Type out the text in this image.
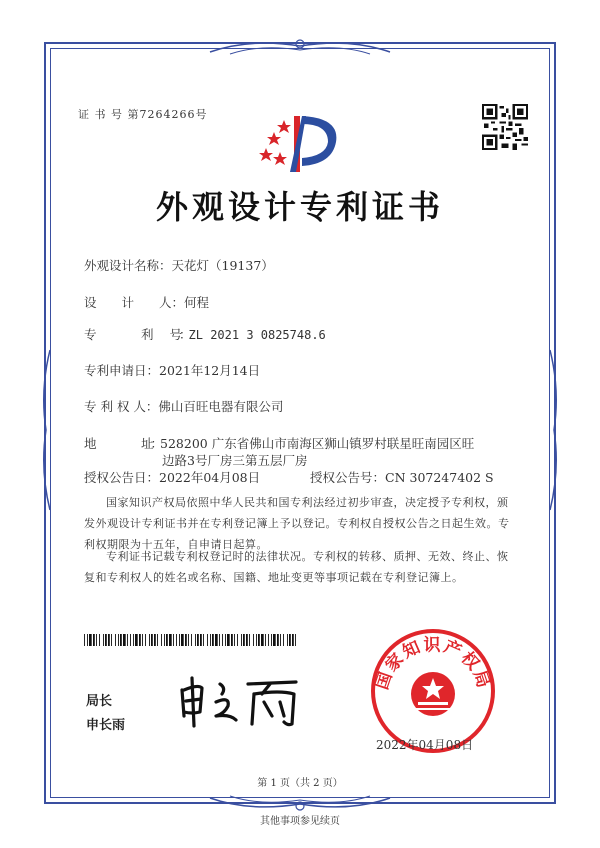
证 书 号 第7264266号
外观设计专利证书
外观设计名称：天花灯（19137）
设　　计　　人：何程
专　　　　　利　　号：ZL 2021 3 0825748.6
专利申请日：2021年12月14日
专 利 权 人：佛山百旺电器有限公司
地　　　　　址：528200 广东省佛山市南海区狮山镇罗村联星旺南园区旺
边路3号厂房三第五层厂房
授权公告日：2022年04月08日	授权公告号：CN 307247402 S
国家知识产权局依照中华人民共和国专利法经过初步审查，决定授予专利权，颁发外观设计专利证书并在专利登记簿上予以登记。专利权自授权公告之日起生效。专利权期限为十五年，自申请日起算。
专利证书记载专利权登记时的法律状况。专利权的转移、质押、无效、终止、恢复和专利权人的姓名或名称、国籍、地址变更等事项记载在专利登记簿上。
局长
申长雨
国家知识产权局
2022年04月08日
第 1 页（共 2 页）
其他事项参见续页
